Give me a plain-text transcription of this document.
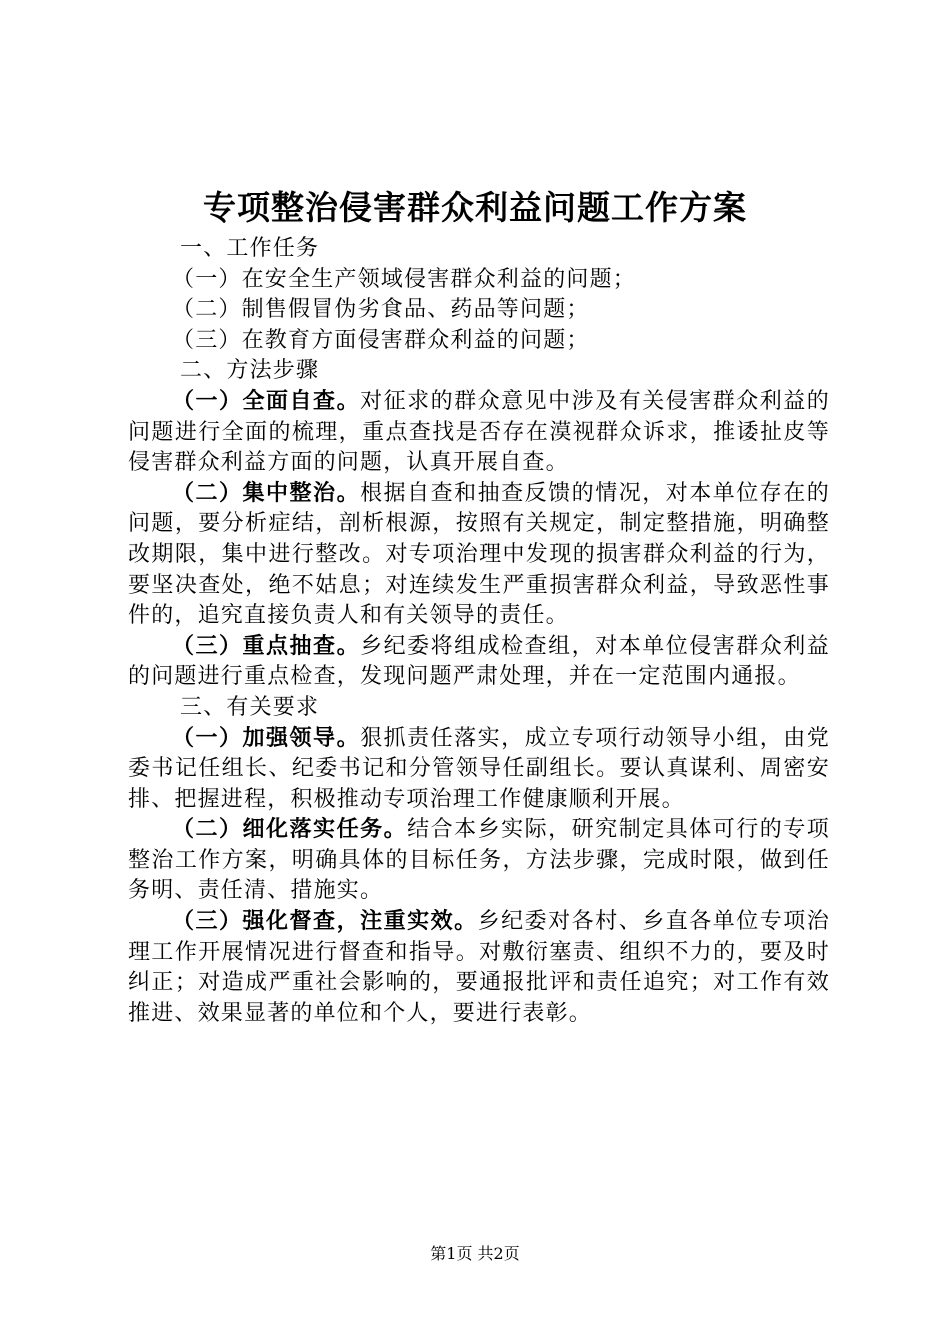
专项整治侵害群众利益问题工作方案
一、工作任务
（一）在安全生产领域侵害群众利益的问题；
（二）制售假冒伪劣食品、药品等问题；
（三）在教育方面侵害群众利益的问题；
二、方法步骤
（一）全面自查。对征求的群众意见中涉及有关侵害群众利益的问题进行全面的梳理，重点查找是否存在漠视群众诉求，推诿扯皮等侵害群众利益方面的问题，认真开展自查。
（二）集中整治。根据自查和抽查反馈的情况，对本单位存在的问题，要分析症结，剖析根源，按照有关规定，制定整措施，明确整改期限，集中进行整改。对专项治理中发现的损害群众利益的行为，要坚决查处，绝不姑息；对连续发生严重损害群众利益，导致恶性事件的，追究直接负责人和有关领导的责任。
（三）重点抽查。乡纪委将组成检查组，对本单位侵害群众利益的问题进行重点检查，发现问题严肃处理，并在一定范围内通报。
三、有关要求
（一）加强领导。狠抓责任落实，成立专项行动领导小组，由党委书记任组长、纪委书记和分管领导任副组长。要认真谋利、周密安排、把握进程，积极推动专项治理工作健康顺利开展。
（二）细化落实任务。结合本乡实际，研究制定具体可行的专项整治工作方案，明确具体的目标任务，方法步骤，完成时限，做到任务明、责任清、措施实。
（三）强化督查，注重实效。乡纪委对各村、乡直各单位专项治理工作开展情况进行督查和指导。对敷衍塞责、组织不力的，要及时纠正；对造成严重社会影响的，要通报批评和责任追究；对工作有效推进、效果显著的单位和个人，要进行表彰。
第1页 共2页
